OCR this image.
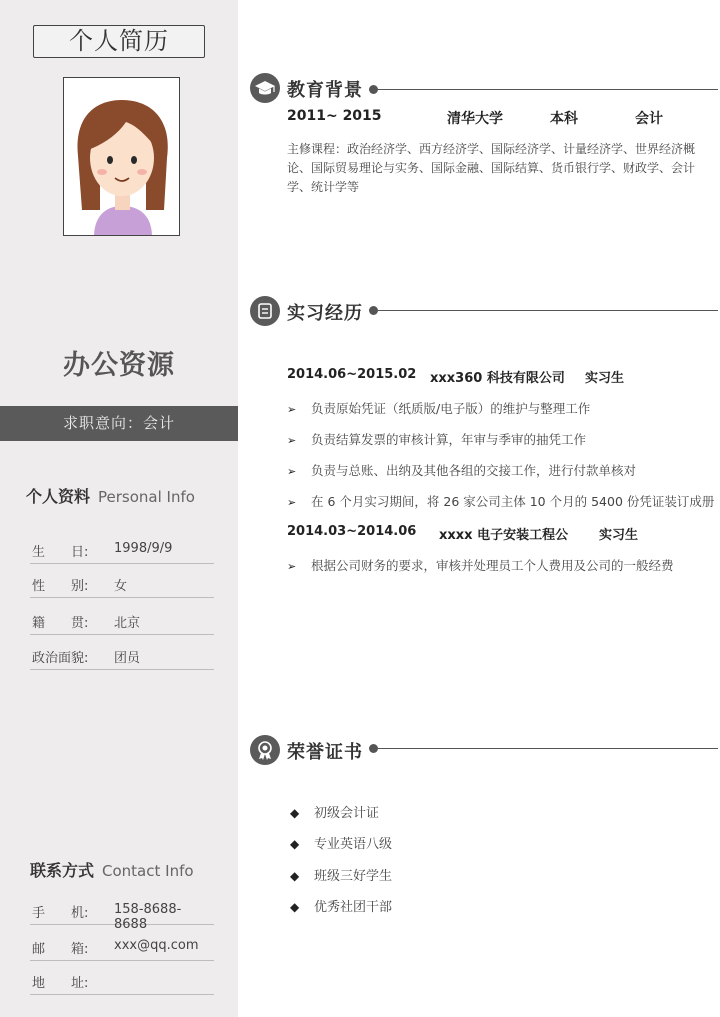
个人简历
办公资源
求职意向：会计
个人资料 Personal Info
生　　日: 1998/9/9
性　　别: 女
籍　　贯: 北京
政治面貌: 团员
联系方式 Contact Info
手　　机: 158-8688-8688
邮　　箱: xxx@qq.com
地　　址:
教育背景
2011~ 2015	清华大学	本科	会计
主修课程：政治经济学、西方经济学、国际经济学、计量经济学、世界经济概论、国际贸易理论与实务、国际金融、国际结算、货币银行学、财政学、会计学、统计学等
实习经历
2014.06~2015.02 xxx360 科技有限公司 实习生
➢ 负责原始凭证（纸质版/电子版）的维护与整理工作
➢ 负责结算发票的审核计算，年审与季审的抽凭工作
➢ 负责与总账、出纳及其他各组的交接工作，进行付款单核对
➢ 在 6 个月实习期间，将 26 家公司主体 10 个月的 5400 份凭证装订成册
2014.03~2014.06 xxxx 电子安装工程公 实习生
➢ 根据公司财务的要求，审核并处理员工个人费用及公司的一般经费
荣誉证书
◆ 初级会计证
◆ 专业英语八级
◆ 班级三好学生
◆ 优秀社团干部
